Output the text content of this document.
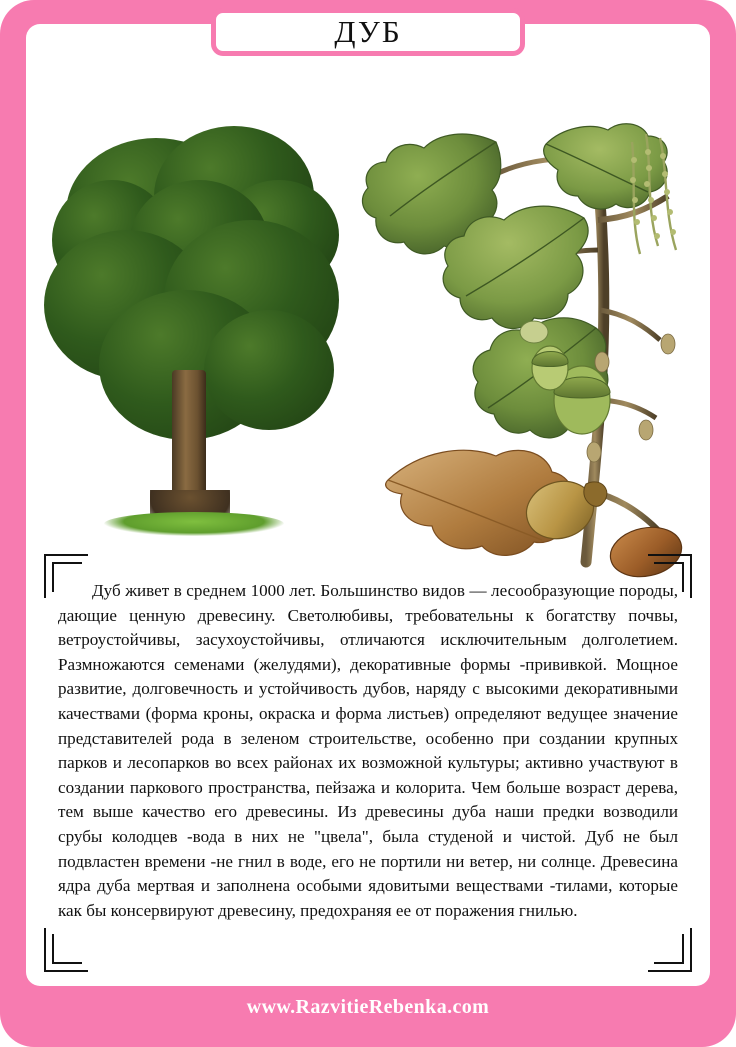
Дуб живет в среднем 1000 лет. Большинство видов — лесообразующие породы, дающие ценную древесину. Светолюбивы, требовательны к богатству почвы, ветроустойчивы, засухоустойчивы, отличаются исключительным долголетием. Размножаются семенами (желудями), декоративные формы -прививкой. Мощное развитие, долговечность и устойчивость дубов, наряду с высокими декоративными качествами (форма кроны, окраска и форма листьев) определяют ведущее значение представителей рода в зеленом строительстве, особенно при создании крупных парков и лесопарков во всех районах их возможной культуры; активно участвуют в создании паркового пространства, пейзажа и колорита. Чем больше возраст дерева, тем выше качество его древесины. Из древесины дуба наши предки возводили срубы колодцев -вода в них не "цвела", была студеной и чистой. Дуб не был подвластен времени -не гнил в воде, его не портили ни ветер, ни солнце. Древесина ядра дуба мертвая и заполнена особыми ядовитыми веществами -тилами, которые как бы консервируют древесину, предохраняя ее от поражения гнилью.

ДУБ
www.RazvitieRebenka.com
